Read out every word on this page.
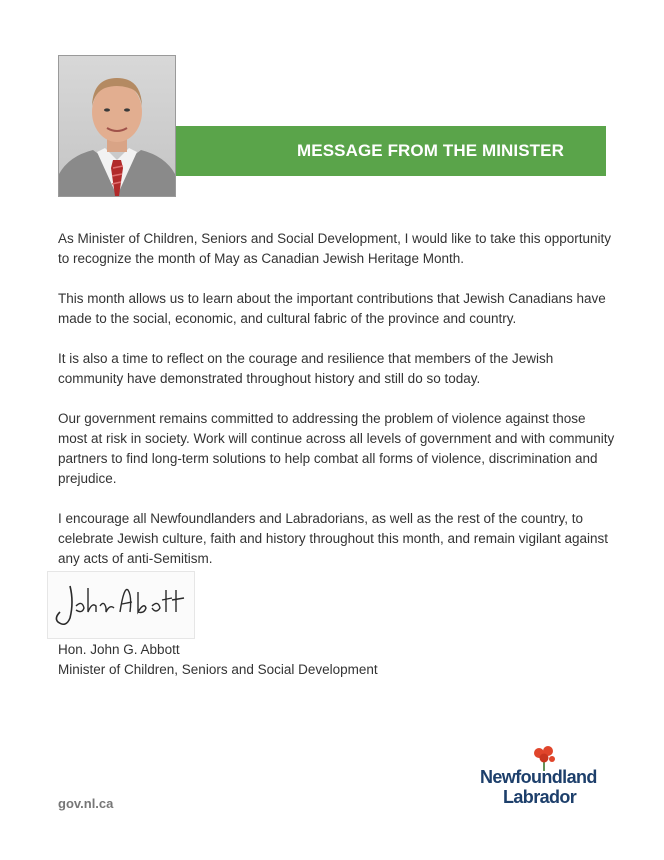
MESSAGE FROM THE MINISTER

As Minister of Children, Seniors and Social Development, I would like to take this opportunity to recognize the month of May as Canadian Jewish Heritage Month.

This month allows us to learn about the important contributions that Jewish Canadians have made to the social, economic, and cultural fabric of the province and country.

It is also a time to reflect on the courage and resilience that members of the Jewish community have demonstrated throughout history and still do so today.

Our government remains committed to addressing the problem of violence against those most at risk in society. Work will continue across all levels of government and with community partners to find long-term solutions to help combat all forms of violence, discrimination and prejudice.

I encourage all Newfoundlanders and Labradorians, as well as the rest of the country, to celebrate Jewish culture, faith and history throughout this month, and remain vigilant against any acts of anti-Semitism.

Hon. John G. Abbott
Minister of Children, Seniors and Social Development
gov.nl.ca
Newfoundland
Labrador
